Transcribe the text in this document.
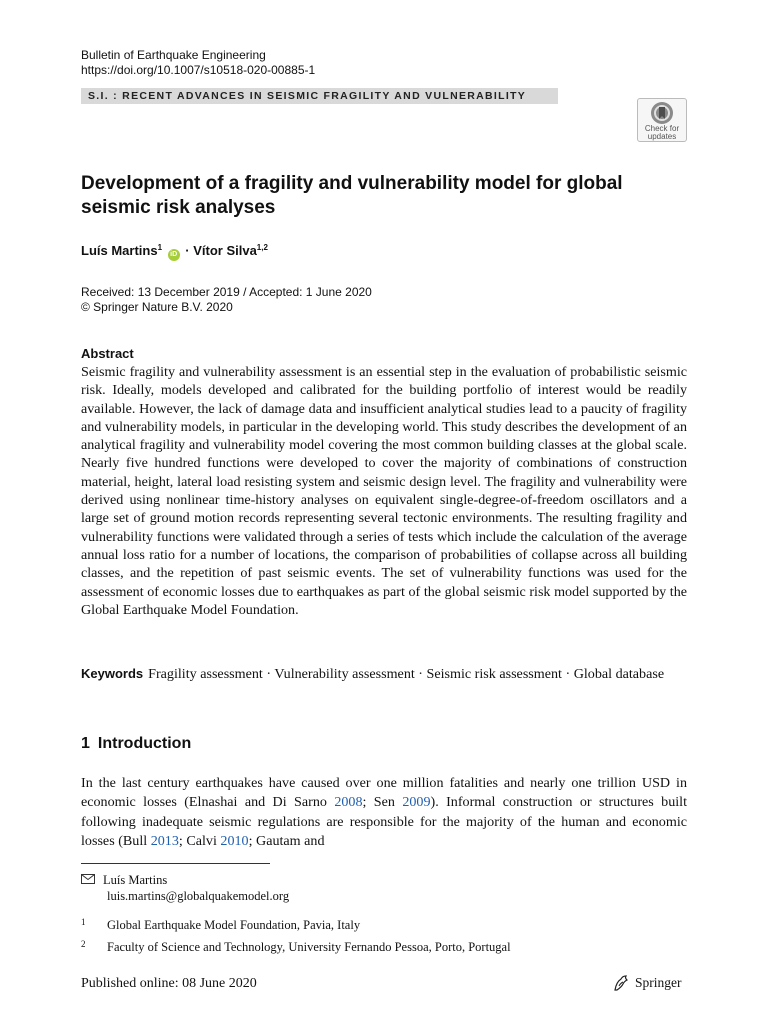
Bulletin of Earthquake Engineering
https://doi.org/10.1007/s10518-020-00885-1
S.I. : RECENT ADVANCES IN SEISMIC FRAGILITY AND VULNERABILITY
Check for
updates
Development of a fragility and vulnerability model for global seismic risk analyses
Luís Martins$^1$ iD · Vítor Silva$^{1,2}$
Received: 13 December 2019 / Accepted: 1 June 2020
© Springer Nature B.V. 2020
Abstract
Seismic fragility and vulnerability assessment is an essential step in the evaluation of probabilistic seismic risk. Ideally, models developed and calibrated for the building portfolio of interest would be readily available. However, the lack of damage data and insufficient analytical studies lead to a paucity of fragility and vulnerability models, in particular in the developing world. This study describes the development of an analytical fragility and vulnerability model covering the most common building classes at the global scale. Nearly five hundred functions were developed to cover the majority of combinations of construction material, height, lateral load resisting system and seismic design level. The fragility and vulnerability were derived using nonlinear time-history analyses on equivalent single-degree-of-freedom oscillators and a large set of ground motion records representing several tectonic environments. The resulting fragility and vulnerability functions were validated through a series of tests which include the calculation of the average annual loss ratio for a number of locations, the comparison of probabilities of collapse across all building classes, and the repetition of past seismic events. The set of vulnerability functions was used for the assessment of economic losses due to earthquakes as part of the global seismic risk model supported by the Global Earthquake Model Foundation.
Keywords Fragility assessment · Vulnerability assessment · Seismic risk assessment · Global database
1 Introduction
In the last century earthquakes have caused over one million fatalities and nearly one trillion USD in economic losses (Elnashai and Di Sarno 2008; Sen 2009). Informal construction or structures built following inadequate seismic regulations are responsible for the majority of the human and economic losses (Bull 2013; Calvi 2010; Gautam and
Luís Martins
luis.martins@globalquakemodel.org
1 Global Earthquake Model Foundation, Pavia, Italy
2 Faculty of Science and Technology, University Fernando Pessoa, Porto, Portugal
Published online: 08 June 2020	Springer
